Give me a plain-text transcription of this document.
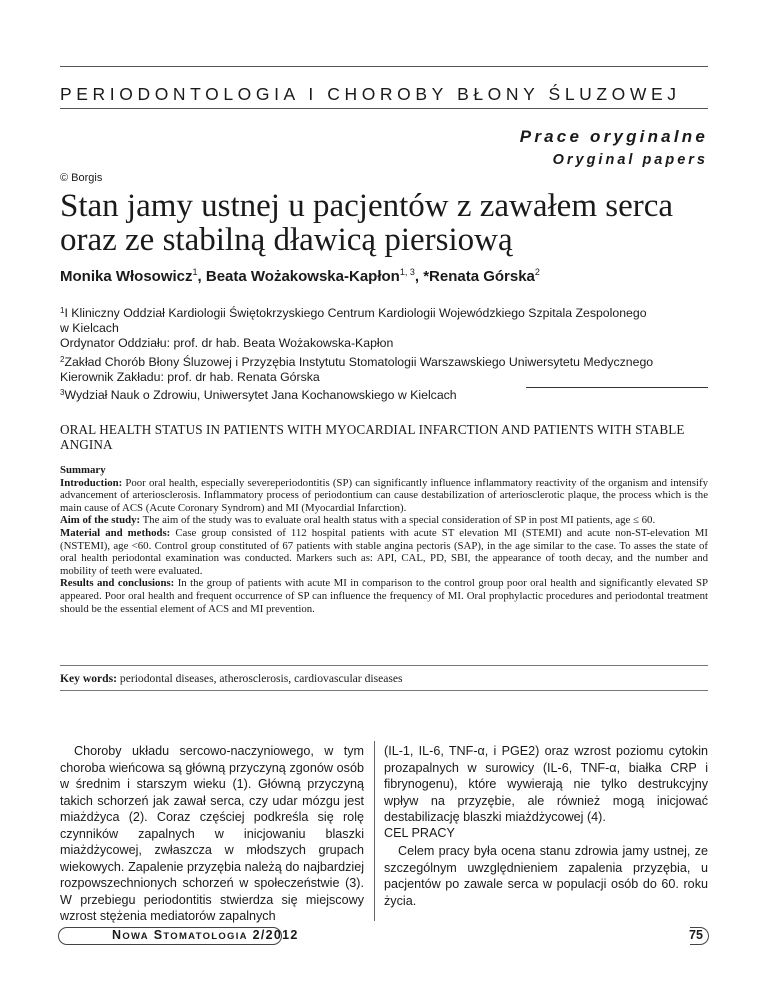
PERIODONTOLOGIA I CHOROBY BŁONY ŚLUZOWEJ
Prace oryginalne
Oryginal papers
© Borgis
Stan jamy ustnej u pacjentów z zawałem serca oraz ze stabilną dławicą piersiową
Monika Włosowicz$^1$, Beata Wożakowska-Kapłon$^{1, 3}$, *Renata Górska$^2$
$^1$I Kliniczny Oddział Kardiologii Świętokrzyskiego Centrum Kardiologii Wojewódzkiego Szpitala Zespolonego
w Kielcach
Ordynator Oddziału: prof. dr hab. Beata Wożakowska-Kapłon
$^2$Zakład Chorób Błony Śluzowej i Przyzębia Instytutu Stomatologii Warszawskiego Uniwersytetu Medycznego
Kierownik Zakładu: prof. dr hab. Renata Górska
$^3$Wydział Nauk o Zdrowiu, Uniwersytet Jana Kochanowskiego w Kielcach
ORAL HEALTH STATUS IN PATIENTS WITH MYOCARDIAL INFARCTION AND PATIENTS WITH STABLE ANGINA

Summary

Introduction: Poor oral health, especially severeperiodontitis (SP) can significantly influence inflammatory reactivity of the organism and intensify advancement of arteriosclerosis. Inflammatory process of periodontium can cause destabilization of arteriosclerotic plaque, the process which is the main cause of ACS (Acute Coronary Syndrom) and MI (Myocardial Infarction).

Aim of the study: The aim of the study was to evaluate oral health status with a special consideration of SP in post MI patients, age ≤ 60.

Material and methods: Case group consisted of 112 hospital patients with acute ST elevation MI (STEMI) and acute non-ST-elevation MI (NSTEMI), age <60. Control group constituted of 67 patients with stable angina pectoris (SAP), in the age similar to the case. To asses the state of oral health periodontal examination was conducted. Markers such as: API, CAL, PD, SBI, the appearance of tooth decay, and the number and mobility of teeth were evaluated.

Results and conclusions: In the group of patients with acute MI in comparison to the control group poor oral health and significantly elevated SP appeared. Poor oral health and frequent occurrence of SP can influence the frequency of MI. Oral prophylactic procedures and periodontal treatment should be the essential element of ACS and MI prevention.

Key words: periodontal diseases, atherosclerosis, cardiovascular diseases
Choroby układu sercowo-naczyniowego, w tym choroba wieńcowa są główną przyczyną zgonów osób w średnim i starszym wieku (1). Główną przyczyną takich schorzeń jak zawał serca, czy udar mózgu jest miażdżyca (2). Coraz częściej podkreśla się rolę czynników zapalnych w inicjowaniu blaszki miażdżycowej, zwłaszcza w młodszych grupach wiekowych. Zapalenie przyzębia należą do najbardziej rozpowszechnionych schorzeń w społeczeństwie (3). W przebiegu periodontitis stwierdza się miejscowy wzrost stężenia mediatorów zapalnych
(IL-1, IL-6, TNF-α, i PGE2) oraz wzrost poziomu cytokin prozapalnych w surowicy (IL-6, TNF-α, białka CRP i fibrynogenu), które wywierają nie tylko destrukcyjny wpływ na przyzębie, ale również mogą inicjować destabilizację blaszki miażdżycowej (4).
CEL PRACY
Celem pracy była ocena stanu zdrowia jamy ustnej, ze szczególnym uwzględnieniem zapalenia przyzębia, u pacjentów po zawale serca w populacji osób do 60. roku życia.
NOWA STOMATOLOGIA 2/2012	75
